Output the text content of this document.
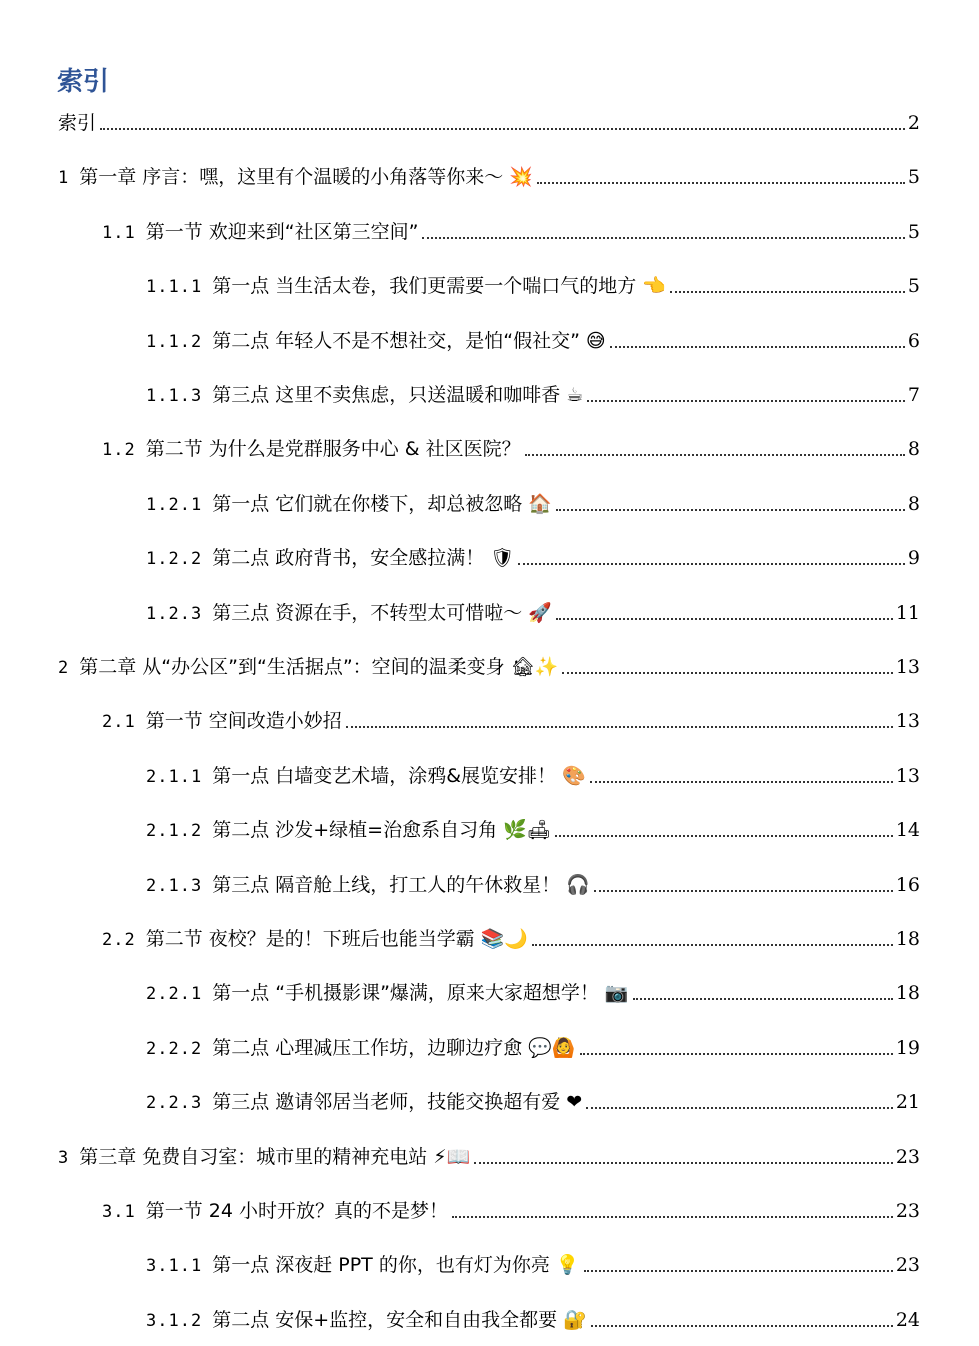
索引
索引	2
1 第一章 序言：嘿，这里有个温暖的小角落等你来～ 💥	5
1.1 第一节 欢迎来到“社区第三空间”	5
1.1.1 第一点 当生活太卷，我们更需要一个喘口气的地方 👈	5
1.1.2 第二点 年轻人不是不想社交，是怕“假社交” 😅	6
1.1.3 第三点 这里不卖焦虑，只送温暖和咖啡香 ☕	7
1.2 第二节 为什么是党群服务中心 & 社区医院？	8
1.2.1 第一点 它们就在你楼下，却总被忽略 🏠	8
1.2.2 第二点 政府背书，安全感拉满！ 🛡	9
1.2.3 第三点 资源在手，不转型太可惜啦～ 🚀	11
2 第二章 从“办公区”到“生活据点”：空间的温柔变身 🏚✨	13
2.1 第一节 空间改造小妙招	13
2.1.1 第一点 白墙变艺术墙，涂鸦&展览安排！ 🎨	13
2.1.2 第二点 沙发+绿植=治愈系自习角 🌿🛋	14
2.1.3 第三点 隔音舱上线，打工人的午休救星！ 🎧	16
2.2 第二节 夜校？是的！下班后也能当学霸 📚🌙	18
2.2.1 第一点 “手机摄影课”爆满，原来大家超想学！ 📷	18
2.2.2 第二点 心理减压工作坊，边聊边疗愈 💬🙆	19
2.2.3 第三点 邀请邻居当老师，技能交换超有爱 ❤	21
3 第三章 免费自习室：城市里的精神充电站 ⚡📖	23
3.1 第一节 24 小时开放？真的不是梦！	23
3.1.1 第一点 深夜赶 PPT 的你，也有灯为你亮 💡	23
3.1.2 第二点 安保+监控，安全和自由我全都要 🔐	24
